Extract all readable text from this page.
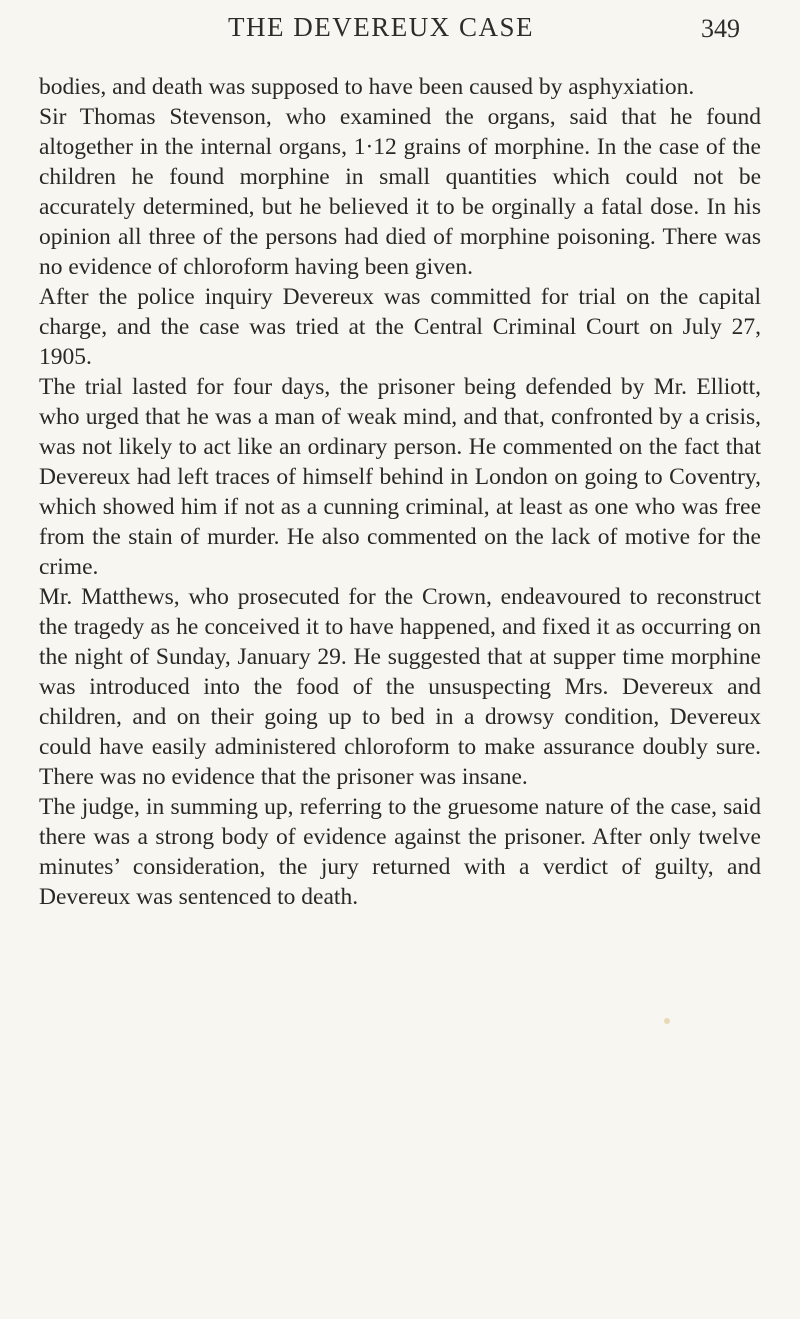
THE DEVEREUX CASE	349

bodies, and death was supposed to have been caused by asphyxiation.

Sir Thomas Stevenson, who examined the organs, said that he found altogether in the internal organs, 1·12 grains of morphine. In the case of the children he found morphine in small quantities which could not be accurately determined, but he believed it to be orginally a fatal dose. In his opinion all three of the persons had died of morphine poisoning. There was no evidence of chloroform having been given.

After the police inquiry Devereux was committed for trial on the capital charge, and the case was tried at the Central Criminal Court on July 27, 1905.

The trial lasted for four days, the prisoner being defended by Mr. Elliott, who urged that he was a man of weak mind, and that, confronted by a crisis, was not likely to act like an ordinary person. He commented on the fact that Devereux had left traces of himself behind in London on going to Coventry, which showed him if not as a cunning criminal, at least as one who was free from the stain of murder. He also commented on the lack of motive for the crime.

Mr. Matthews, who prosecuted for the Crown, endeavoured to reconstruct the tragedy as he conceived it to have happened, and fixed it as occurring on the night of Sunday, January 29. He suggested that at supper time morphine was introduced into the food of the unsuspecting Mrs. Devereux and children, and on their going up to bed in a drowsy condition, Devereux could have easily administered chloroform to make assurance doubly sure. There was no evidence that the prisoner was insane.

The judge, in summing up, referring to the gruesome nature of the case, said there was a strong body of evidence against the prisoner. After only twelve minutes’ consideration, the jury returned with a verdict of guilty, and Devereux was sentenced to death.
